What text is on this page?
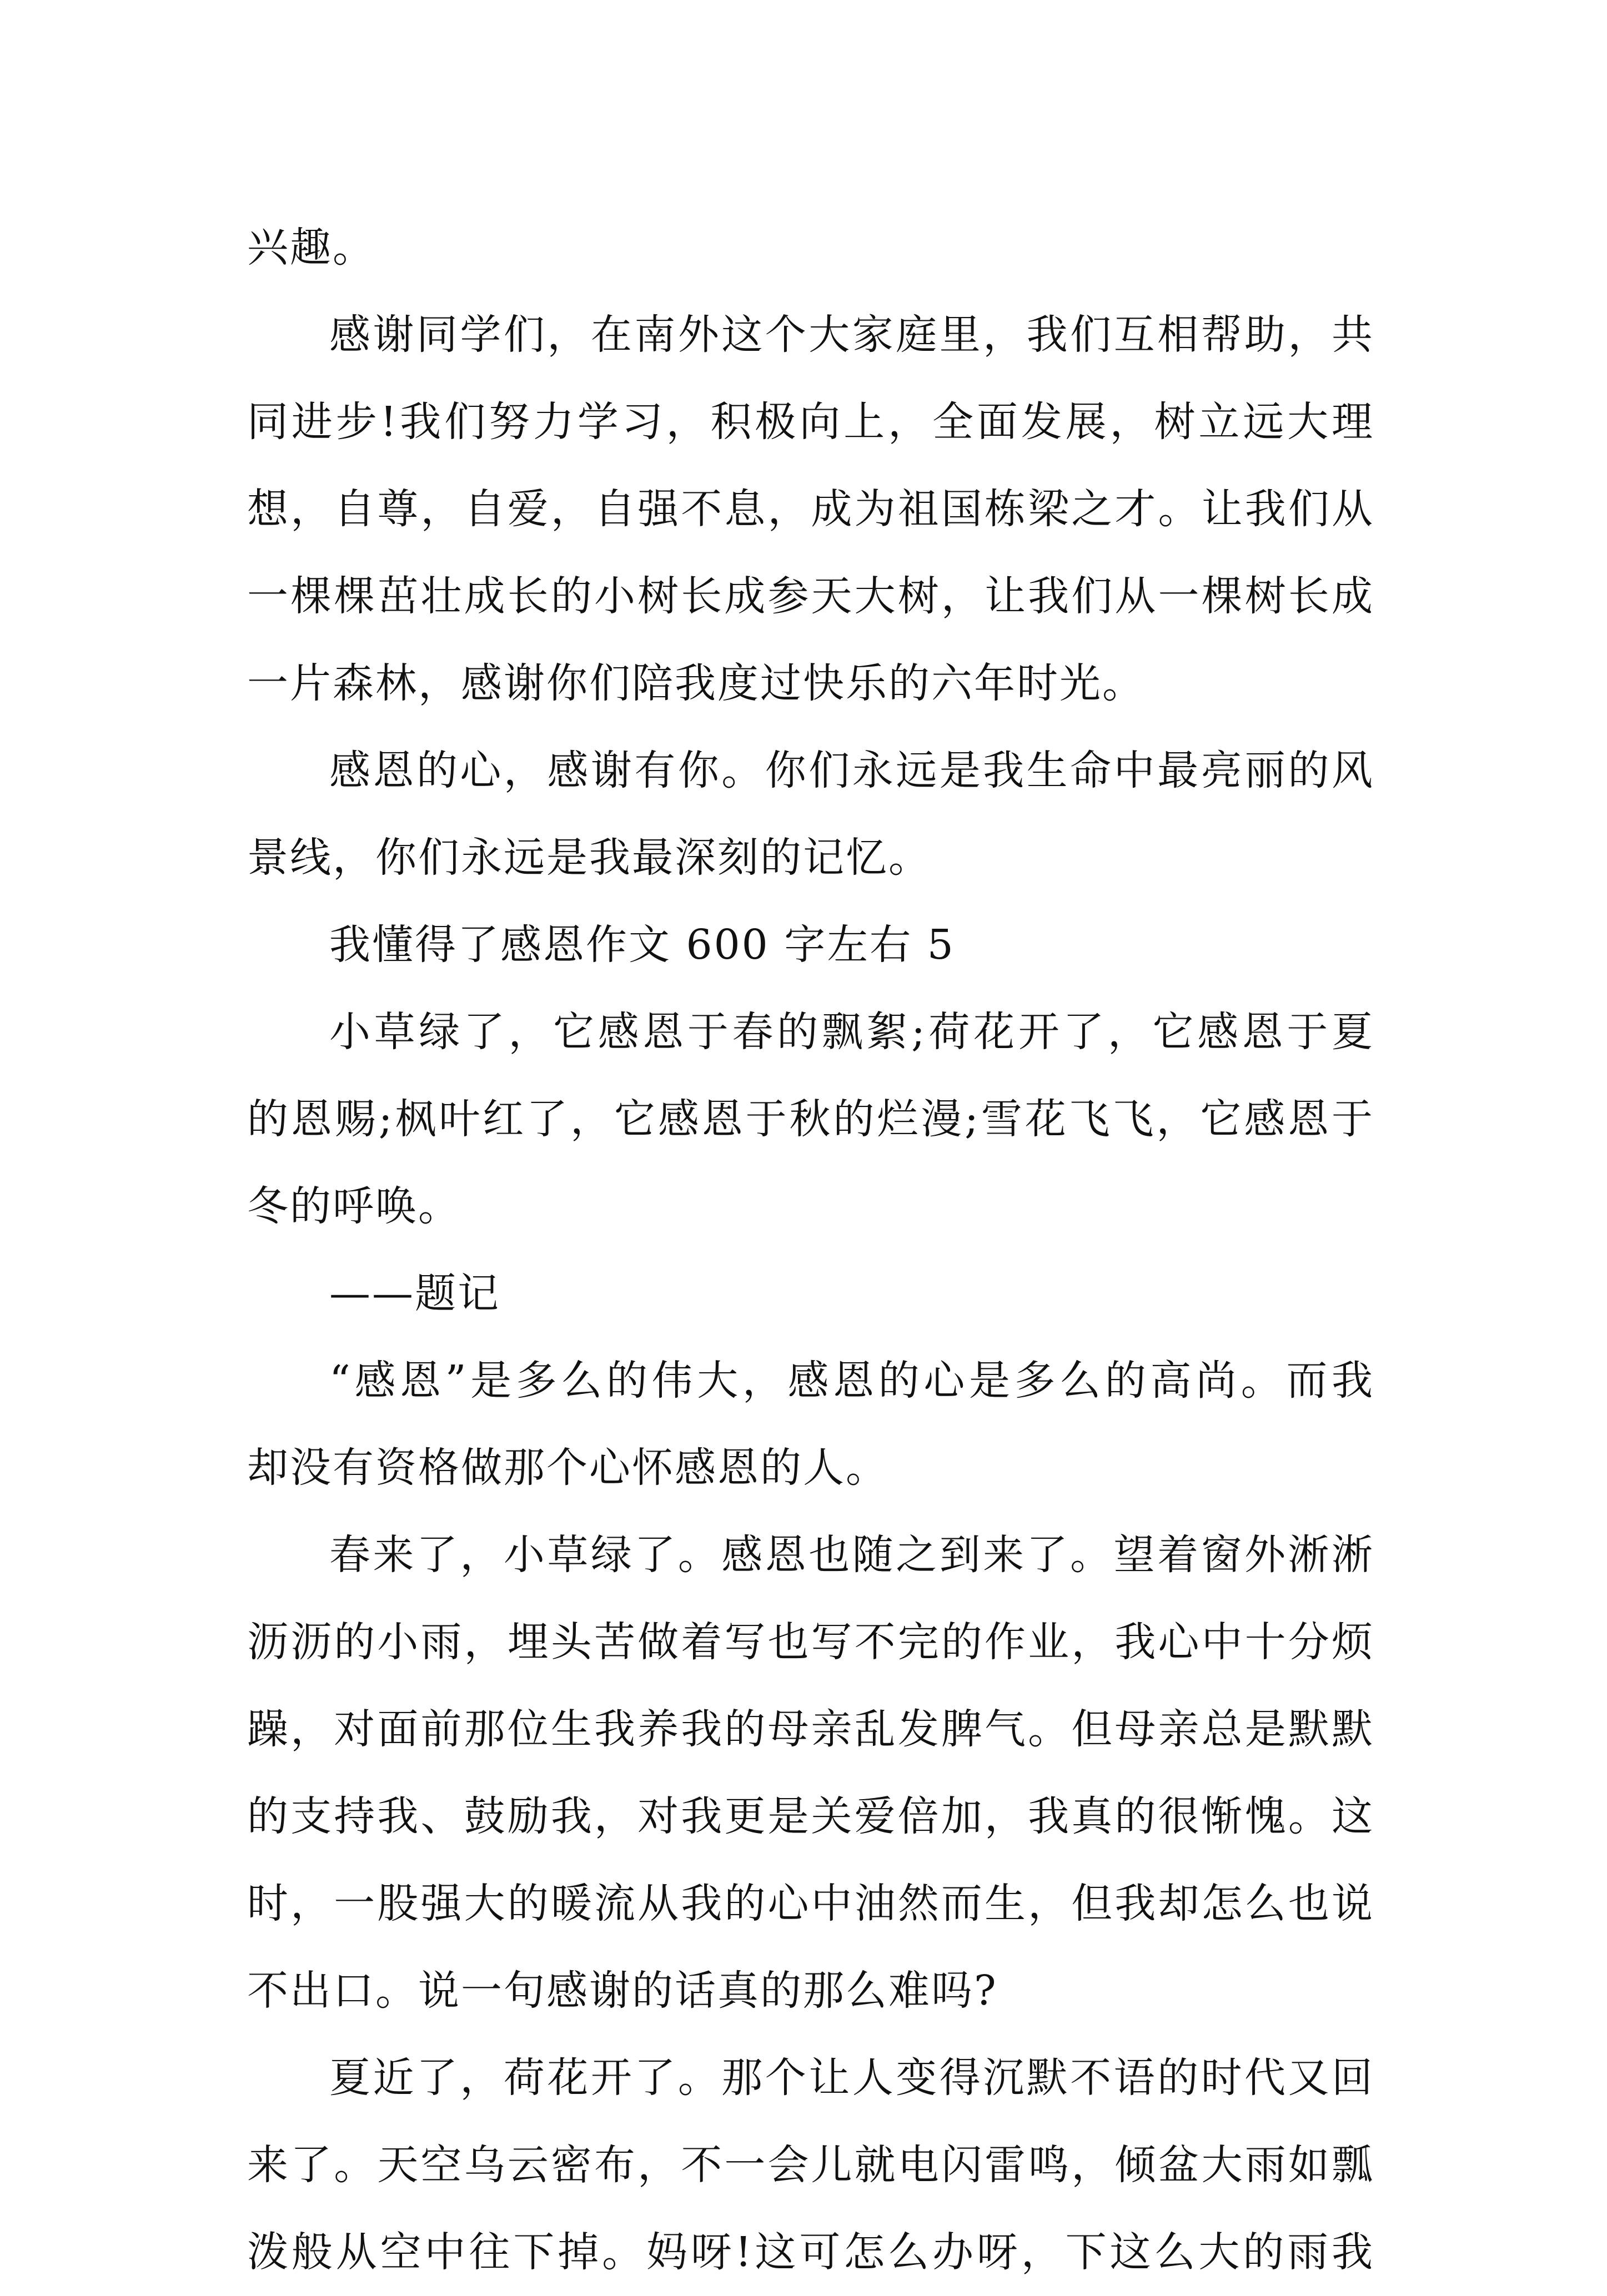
兴趣。
感谢同学们，在南外这个大家庭里，我们互相帮助，共
同进步!我们努力学习，积极向上，全面发展，树立远大理
想，自尊，自爱，自强不息，成为祖国栋梁之才。让我们从
一棵棵茁壮成长的小树长成参天大树，让我们从一棵树长成
一片森林，感谢你们陪我度过快乐的六年时光。
感恩的心，感谢有你。你们永远是我生命中最亮丽的风
景线，你们永远是我最深刻的记忆。
我懂得了感恩作文 600 字左右 5
小草绿了，它感恩于春的飘絮;荷花开了，它感恩于夏
的恩赐;枫叶红了，它感恩于秋的烂漫;雪花飞飞，它感恩于
冬的呼唤。
——题记
“感恩”是多么的伟大，感恩的心是多么的高尚。而我
却没有资格做那个心怀感恩的人。
春来了，小草绿了。感恩也随之到来了。望着窗外淅淅
沥沥的小雨，埋头苦做着写也写不完的作业，我心中十分烦
躁，对面前那位生我养我的母亲乱发脾气。但母亲总是默默
的支持我、鼓励我，对我更是关爱倍加，我真的很惭愧。这
时，一股强大的暖流从我的心中油然而生，但我却怎么也说
不出口。说一句感谢的话真的那么难吗?
夏近了，荷花开了。那个让人变得沉默不语的时代又回
来了。天空乌云密布，不一会儿就电闪雷鸣，倾盆大雨如瓢
泼般从空中往下掉。妈呀!这可怎么办呀，下这么大的雨我
